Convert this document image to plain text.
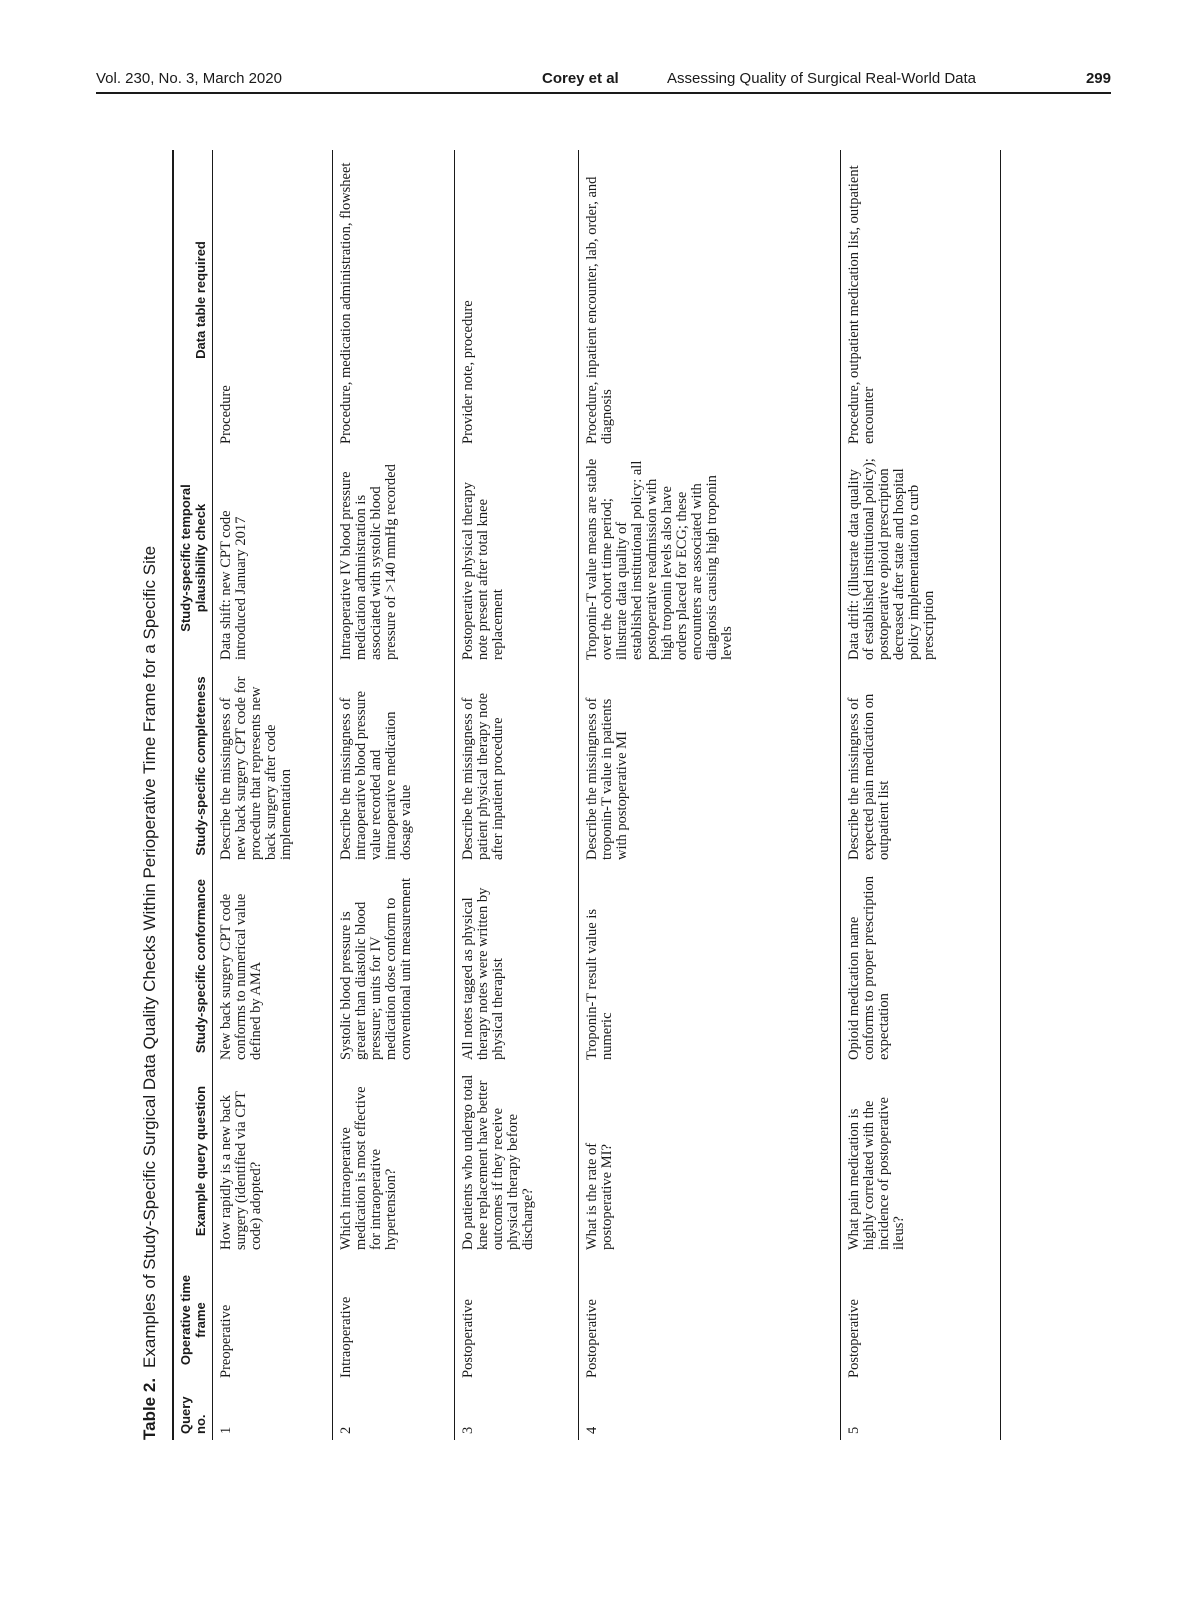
Vol. 230, No. 3, March 2020	Corey et al	Assessing Quality of Surgical Real-World Data	299
Table 2.Examples of Study-Specific Surgical Data Quality Checks Within Perioperative Time Frame for a Specific Site
Query no.	Operative time frame	Example query question	Study-specific conformance	Study-specific completeness	Study-specific temporal plausibility check	Data table required
1	Preoperative	How rapidly is a new back surgery (identified via CPT code) adopted?	New back surgery CPT code conforms to numerical value defined by AMA	Describe the missingness of new back surgery CPT code for procedure that represents new back surgery after code implementation	Data shift: new CPT code introduced January 2017	Procedure
2	Intraoperative	Which intraoperative medication is most effective for intraoperative hypertension?	Systolic blood pressure is greater than diastolic blood pressure; units for IV medication dose conform to conventional unit measurement	Describe the missingness of intraoperative blood pressure value recorded and intraoperative medication dosage value	Intraoperative IV blood pressure medication administration is associated with systolic blood pressure of >140 mmHg recorded	Procedure, medication administration, flowsheet
3	Postoperative	Do patients who undergo total knee replacement have better outcomes if they receive physical therapy before discharge?	All notes tagged as physical therapy notes were written by physical therapist	Describe the missingness of patient physical therapy note after inpatient procedure	Postoperative physical therapy note present after total knee replacement	Provider note, procedure
4	Postoperative	What is the rate of postoperative MI?	Troponin-T result value is numeric	Describe the missingness of troponin-T value in patients with postoperative MI	Troponin-T value means are stable over the cohort time period; illustrate data quality of established institutional policy: all postoperative readmission with high troponin levels also have orders placed for ECG; these encounters are associated with diagnosis causing high troponin levels	Procedure, inpatient encounter, lab, order, and diagnosis
5	Postoperative	What pain medication is highly correlated with the incidence of postoperative ileus?	Opioid medication name conforms to proper prescription expectation	Describe the missingness of expected pain medication on outpatient list	Data drift: (illustrate data quality of established institutional policy); postoperative opioid prescription decreased after state and hospital policy implementation to curb prescription	Procedure, outpatient medication list, outpatient encounter
